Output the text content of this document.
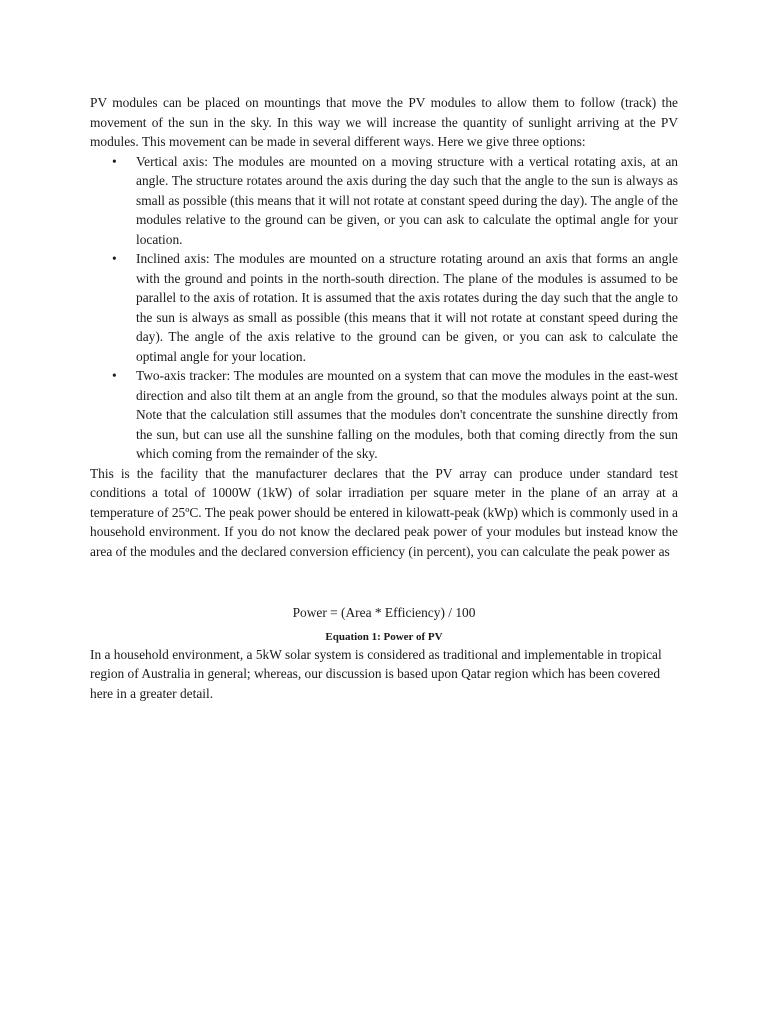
PV modules can be placed on mountings that move the PV modules to allow them to follow (track) the movement of the sun in the sky. In this way we will increase the quantity of sunlight arriving at the PV modules. This movement can be made in several different ways. Here we give three options:

• Vertical axis: The modules are mounted on a moving structure with a vertical rotating axis, at an angle. The structure rotates around the axis during the day such that the angle to the sun is always as small as possible (this means that it will not rotate at constant speed during the day). The angle of the modules relative to the ground can be given, or you can ask to calculate the optimal angle for your location.
• Inclined axis: The modules are mounted on a structure rotating around an axis that forms an angle with the ground and points in the north-south direction. The plane of the modules is assumed to be parallel to the axis of rotation. It is assumed that the axis rotates during the day such that the angle to the sun is always as small as possible (this means that it will not rotate at constant speed during the day). The angle of the axis relative to the ground can be given, or you can ask to calculate the optimal angle for your location.
• Two-axis tracker: The modules are mounted on a system that can move the modules in the east-west direction and also tilt them at an angle from the ground, so that the modules always point at the sun. Note that the calculation still assumes that the modules don't concentrate the sunshine directly from the sun, but can use all the sunshine falling on the modules, both that coming directly from the sun which coming from the remainder of the sky.

This is the facility that the manufacturer declares that the PV array can produce under standard test conditions a total of 1000W (1kW) of solar irradiation per square meter in the plane of an array at a temperature of 25ºC. The peak power should be entered in kilowatt-peak (kWp) which is commonly used in a household environment. If you do not know the declared peak power of your modules but instead know the area of the modules and the declared conversion efficiency (in percent), you can calculate the peak power as

Power = (Area * Efficiency) / 100
Equation 1: Power of PV

In a household environment, a 5kW solar system is considered as traditional and implementable in tropical region of Australia in general; whereas, our discussion is based upon Qatar region which has been covered here in a greater detail.
